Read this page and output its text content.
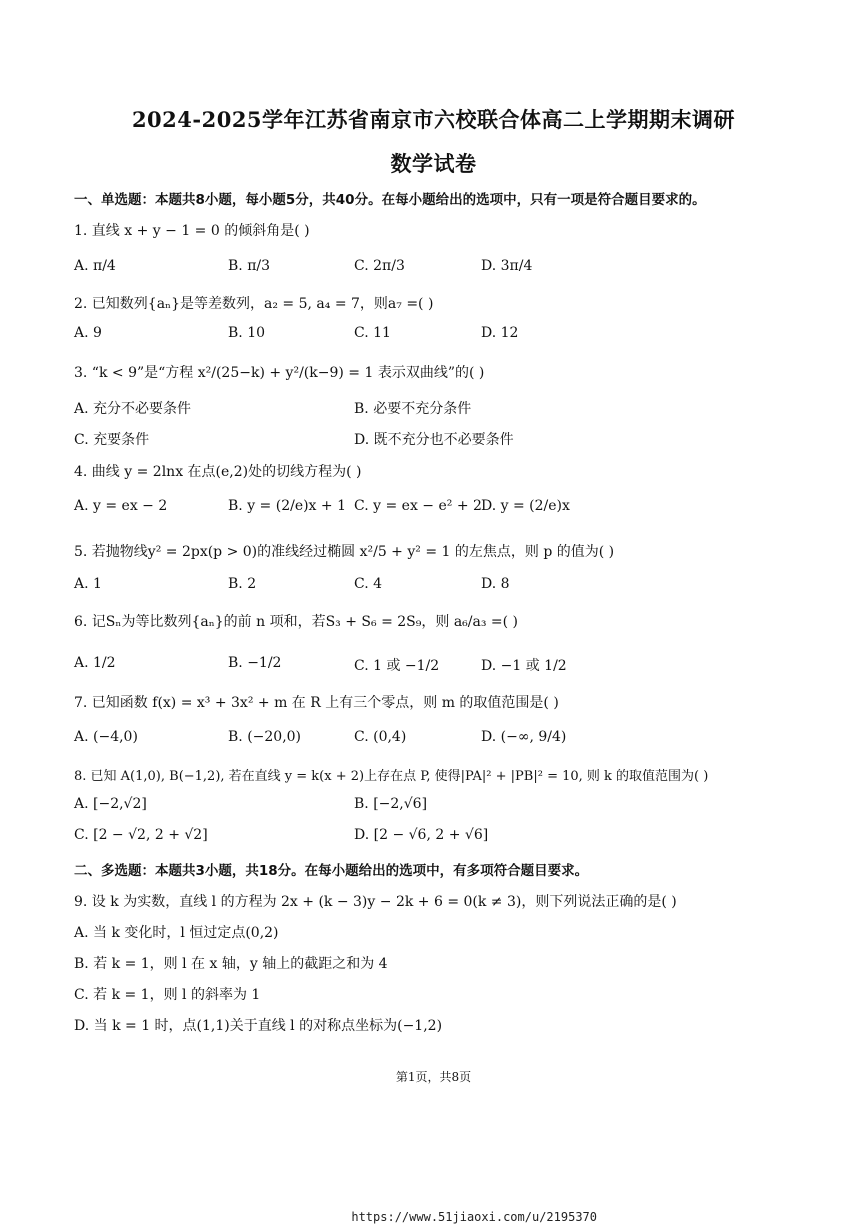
2024-2025学年江苏省南京市六校联合体高二上学期期末调研
数学试卷
一、单选题：本题共8小题，每小题5分，共40分。在每小题给出的选项中，只有一项是符合题目要求的。
1. 直线 x + y − 1 = 0 的倾斜角是( )
A. π/4	B. π/3	C. 2π/3	D. 3π/4
2. 已知数列{aₙ}是等差数列，a₂ = 5, a₄ = 7，则a₇ =( )
A. 9	B. 10	C. 11	D. 12
3. “k < 9”是“方程 x²/(25−k) + y²/(k−9) = 1 表示双曲线”的( )
A. 充分不必要条件	B. 必要不充分条件
C. 充要条件	D. 既不充分也不必要条件
4. 曲线 y = 2lnx 在点(e,2)处的切线方程为( )
A. y = ex − 2	B. y = (2/e)x + 1 C. y = ex − e² + 2 D. y = (2/e)x
5. 若抛物线y² = 2px(p > 0)的准线经过椭圆 x²/5 + y² = 1 的左焦点，则 p 的值为( )
A. 1	B. 2	C. 4	D. 8
6. 记Sₙ为等比数列{aₙ}的前 n 项和，若S₃ + S₆ = 2S₉，则 a₆/a₃ =( )
A. 1/2	B. −1/2	C. 1 或 −1/2	D. −1 或 1/2
7. 已知函数 f(x) = x³ + 3x² + m 在 R 上有三个零点，则 m 的取值范围是( )
A. (−4,0)	B. (−20,0)	C. (0,4)	D. (−∞, 9/4)
8. 已知 A(1,0), B(−1,2), 若在直线 y = k(x + 2)上存在点 P, 使得|PA|² + |PB|² = 10, 则 k 的取值范围为( )
A. [−2,√2]	B. [−2,√6]
C. [2 − √2, 2 + √2]	D. [2 − √6, 2 + √6]
二、多选题：本题共3小题，共18分。在每小题给出的选项中，有多项符合题目要求。
9. 设 k 为实数，直线 l 的方程为 2x + (k − 3)y − 2k + 6 = 0(k ≠ 3)，则下列说法正确的是( )
A. 当 k 变化时，l 恒过定点(0,2)
B. 若 k = 1，则 l 在 x 轴，y 轴上的截距之和为 4
C. 若 k = 1，则 l 的斜率为 1
D. 当 k = 1 时，点(1,1)关于直线 l 的对称点坐标为(−1,2)
第1页，共8页
https://www.51jiaoxi.com/u/2195370
